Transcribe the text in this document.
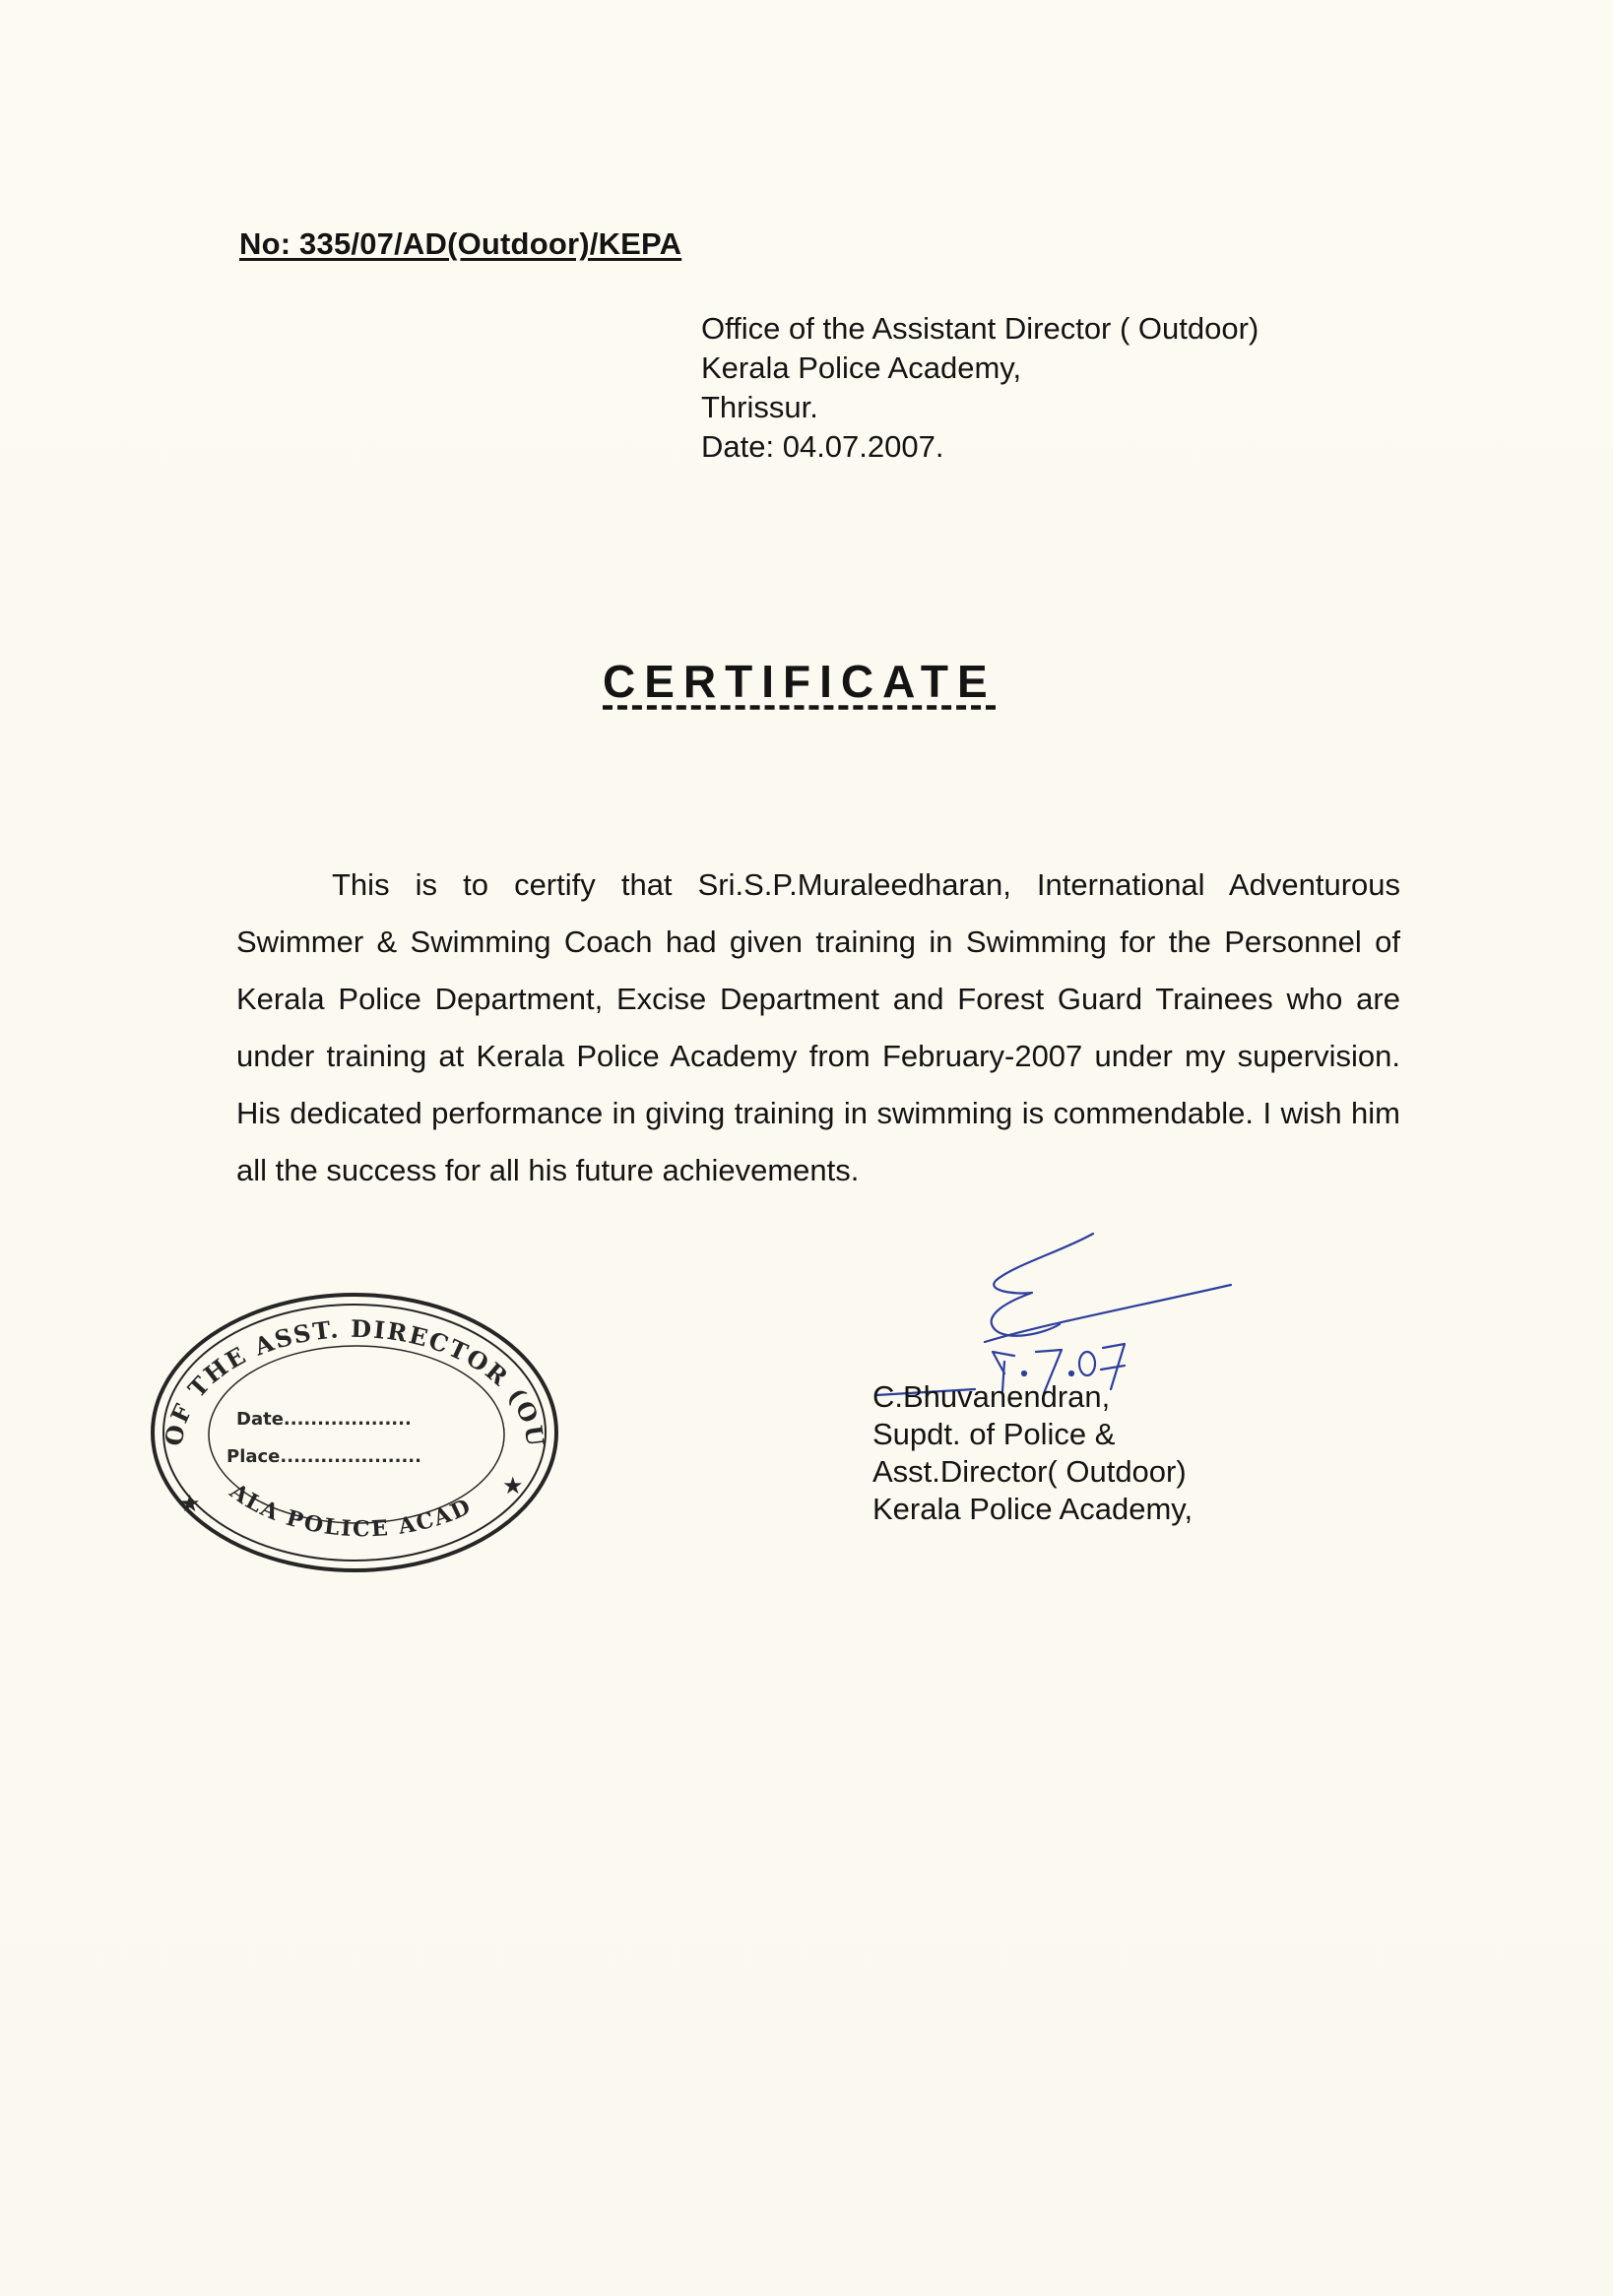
No: 335/07/AD(Outdoor)/KEPA
Office of the Assistant Director ( Outdoor)
Kerala Police Academy,
Thrissur.
Date: 04.07.2007.
CERTIFICATE
This is to certify that Sri.S.P.Muraleedharan, International Adventurous Swimmer & Swimming Coach had given training in Swimming for the Personnel of Kerala Police Department, Excise Department and Forest Guard Trainees who are under training at Kerala Police Academy from February-2007 under my supervision. His dedicated performance in giving training in swimming is commendable. I wish him all the success for all his future achievements.
4.7.07
C.Bhuvanendran,
Supdt. of Police &
Asst.Director( Outdoor)
Kerala Police Academy,
OF THE ASST. DIRECTOR (OU
ALA POLICE ACAD
★
★
Date...................
Place.....................
